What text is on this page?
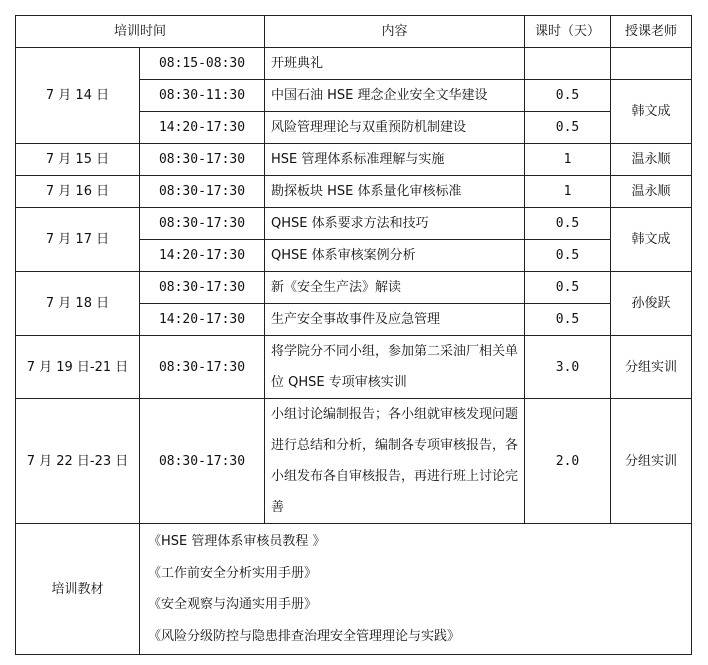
培训时间		内容	课时（天）	授课老师
7 月 14 日	08:15-08:30	开班典礼		
	08:30-11:30	中国石油 HSE 理念企业安全文华建设	0.5	韩文成
	14:20-17:30	风险管理理论与双重预防机制建设	0.5	
7 月 15 日	08:30-17:30	HSE 管理体系标准理解与实施	1	温永顺
7 月 16 日	08:30-17:30	勘探板块 HSE 体系量化审核标准	1	温永顺
7 月 17 日	08:30-17:30	QHSE 体系要求方法和技巧	0.5	韩文成
	14:20-17:30	QHSE 体系审核案例分析	0.5	
7 月 18 日	08:30-17:30	新《安全生产法》解读	0.5	孙俊跃
	14:20-17:30	生产安全事故事件及应急管理	0.5	
7 月 19 日-21 日	08:30-17:30	将学院分不同小组，参加第二采油厂相关单位 QHSE 专项审核实训	3.0	分组实训
7 月 22 日-23 日	08:30-17:30	小组讨论编制报告；各小组就审核发现问题进行总结和分析，编制各专项审核报告，各小组发布各自审核报告，再进行班上讨论完善	2.0	分组实训
培训教材	《HSE 管理体系审核员教程 》
《工作前安全分析实用手册》
《安全观察与沟通实用手册》
《风险分级防控与隐患排查治理安全管理理论与实践》			
